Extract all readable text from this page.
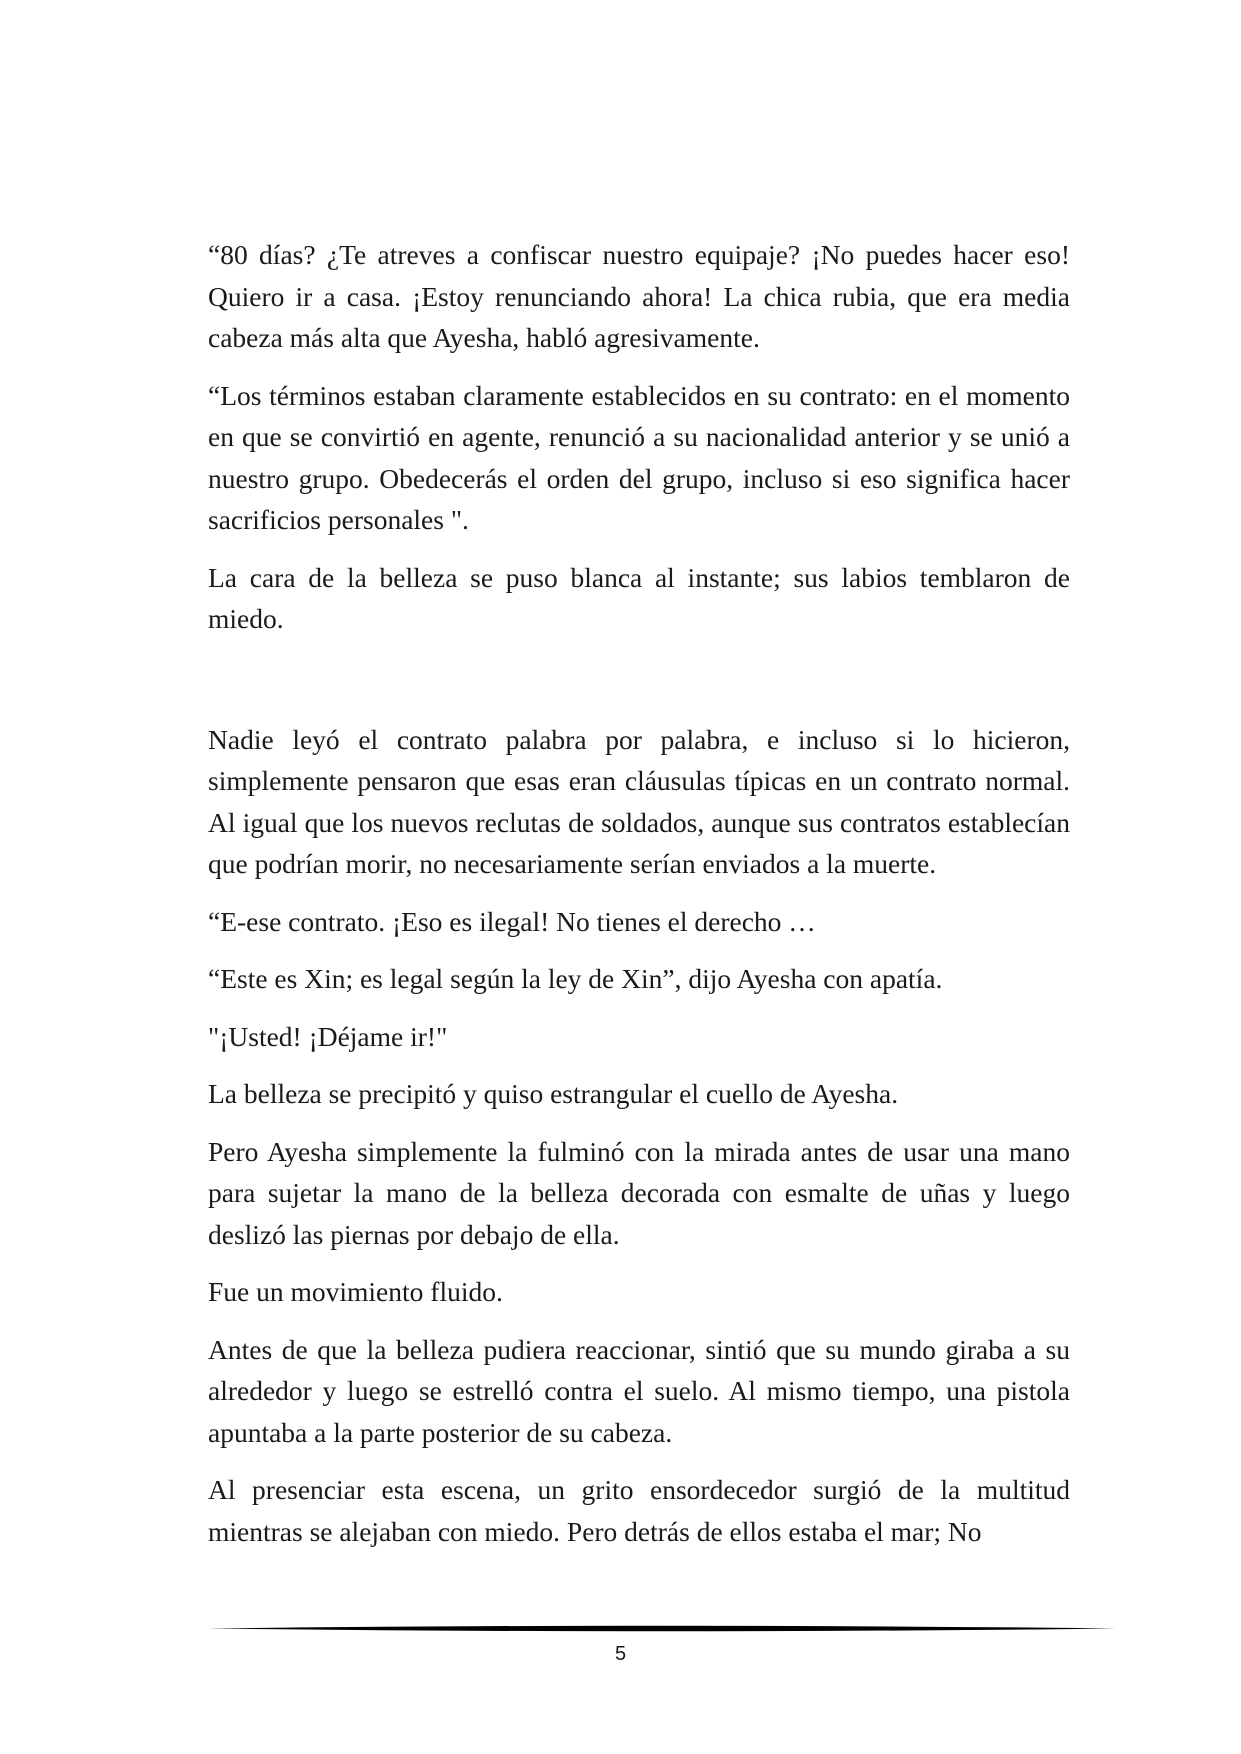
“80 días? ¿Te atreves a confiscar nuestro equipaje? ¡No puedes hacer eso! Quiero ir a casa. ¡Estoy renunciando ahora! La chica rubia, que era media cabeza más alta que Ayesha, habló agresivamente.

“Los términos estaban claramente establecidos en su contrato: en el momento en que se convirtió en agente, renunció a su nacionalidad anterior y se unió a nuestro grupo. Obedecerás el orden del grupo, incluso si eso significa hacer sacrificios personales ".

La cara de la belleza se puso blanca al instante; sus labios temblaron de miedo.

Nadie leyó el contrato palabra por palabra, e incluso si lo hicieron, simplemente pensaron que esas eran cláusulas típicas en un contrato normal. Al igual que los nuevos reclutas de soldados, aunque sus contratos establecían que podrían morir, no necesariamente serían enviados a la muerte.

“E-ese contrato. ¡Eso es ilegal! No tienes el derecho …

“Este es Xin; es legal según la ley de Xin”, dijo Ayesha con apatía.

"¡Usted! ¡Déjame ir!"

La belleza se precipitó y quiso estrangular el cuello de Ayesha.

Pero Ayesha simplemente la fulminó con la mirada antes de usar una mano para sujetar la mano de la belleza decorada con esmalte de uñas y luego deslizó las piernas por debajo de ella.

Fue un movimiento fluido.

Antes de que la belleza pudiera reaccionar, sintió que su mundo giraba a su alrededor y luego se estrelló contra el suelo. Al mismo tiempo, una pistola apuntaba a la parte posterior de su cabeza.

Al presenciar esta escena, un grito ensordecedor surgió de la multitud mientras se alejaban con miedo. Pero detrás de ellos estaba el mar; No

5
